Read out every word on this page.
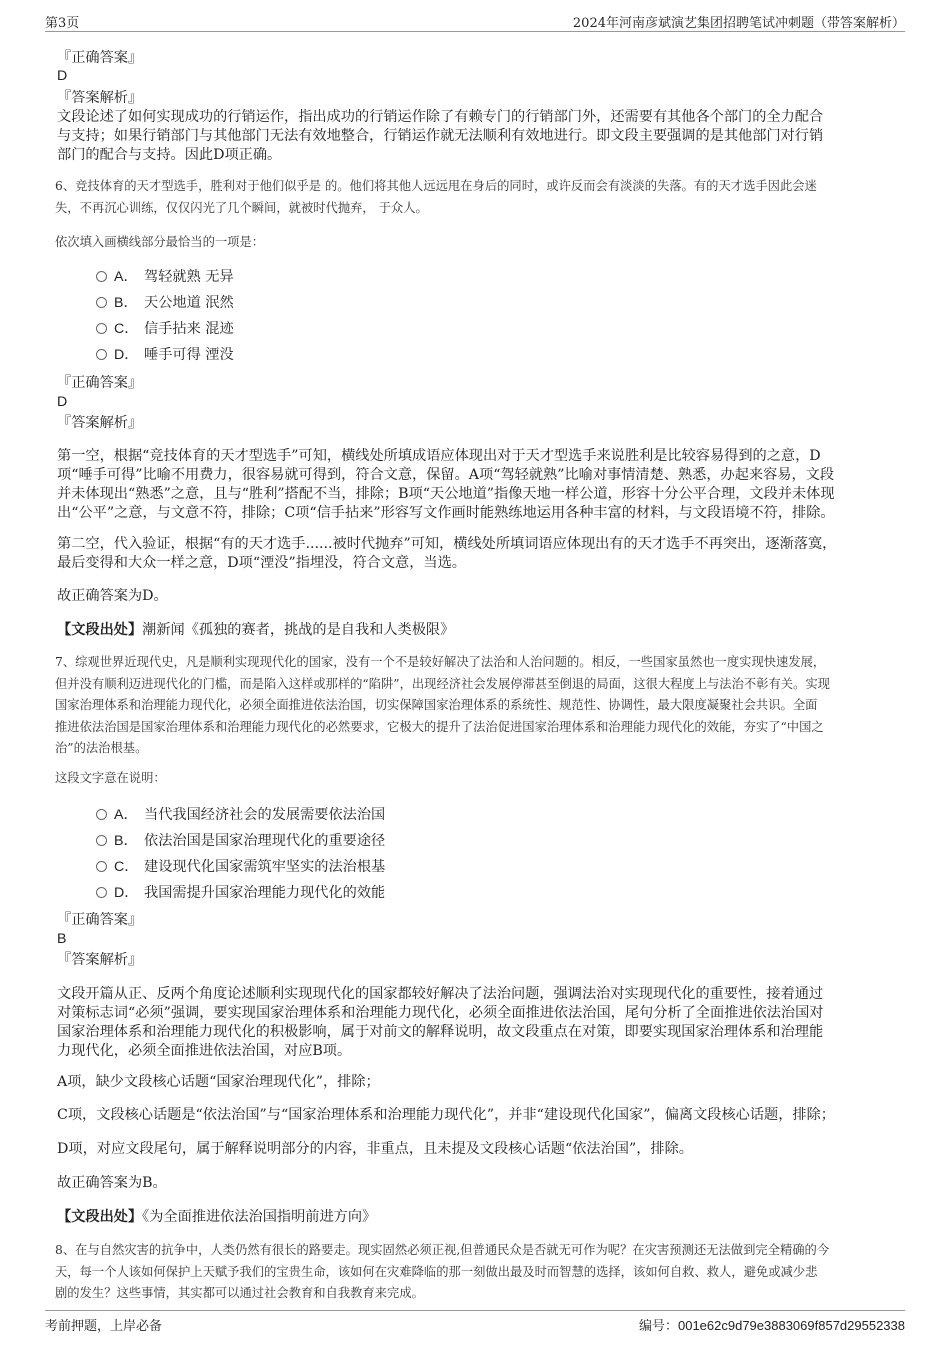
第3页	2024年河南彦斌演艺集团招聘笔试冲刺题（带答案解析）
『正确答案』
D
『答案解析』
文段论述了如何实现成功的行销运作，指出成功的行销运作除了有赖专门的行销部门外，还需要有其他各个部门的全力配合
与支持；如果行销部门与其他部门无法有效地整合，行销运作就无法顺利有效地进行。即文段主要强调的是其他部门对行销
部门的配合与支持。因此D项正确。
6、竞技体育的天才型选手，胜利对于他们似乎是 的。他们将其他人远远甩在身后的同时，或许反而会有淡淡的失落。有的天才选手因此会迷
失，不再沉心训练，仅仅闪光了几个瞬间，就被时代抛弃， 于众人。
依次填入画横线部分最恰当的一项是：
A． 驾轻就熟 无异
B． 天公地道 泯然
C． 信手拈来 混迹
D． 唾手可得 湮没
『正确答案』
D
『答案解析』
第一空，根据“竞技体育的天才型选手”可知，横线处所填成语应体现出对于天才型选手来说胜利是比较容易得到的之意，D
项“唾手可得”比喻不用费力，很容易就可得到，符合文意，保留。A项“驾轻就熟”比喻对事情清楚、熟悉，办起来容易，文段
并未体现出“熟悉”之意，且与“胜利”搭配不当，排除；B项“天公地道”指像天地一样公道，形容十分公平合理，文段并未体现
出“公平”之意，与文意不符，排除；C项“信手拈来”形容写文作画时能熟练地运用各种丰富的材料，与文段语境不符，排除。
第二空，代入验证，根据“有的天才选手......被时代抛弃”可知，横线处所填词语应体现出有的天才选手不再突出，逐渐落寞，
最后变得和大众一样之意，D项“湮没”指埋没，符合文意，当选。
故正确答案为D。
【文段出处】潮新闻《孤独的赛者，挑战的是自我和人类极限》
7、综观世界近现代史，凡是顺利实现现代化的国家，没有一个不是较好解决了法治和人治问题的。相反，一些国家虽然也一度实现快速发展，
但并没有顺利迈进现代化的门槛，而是陷入这样或那样的“陷阱”，出现经济社会发展停滞甚至倒退的局面，这很大程度上与法治不彰有关。实现
国家治理体系和治理能力现代化，必须全面推进依法治国，切实保障国家治理体系的系统性、规范性、协调性，最大限度凝聚社会共识。全面
推进依法治国是国家治理体系和治理能力现代化的必然要求，它极大的提升了法治促进国家治理体系和治理能力现代化的效能，夯实了“中国之
治”的法治根基。
这段文字意在说明：
A． 当代我国经济社会的发展需要依法治国
B． 依法治国是国家治理现代化的重要途径
C． 建设现代化国家需筑牢坚实的法治根基
D． 我国需提升国家治理能力现代化的效能
『正确答案』
B
『答案解析』
文段开篇从正、反两个角度论述顺利实现现代化的国家都较好解决了法治问题，强调法治对实现现代化的重要性，接着通过
对策标志词“必须”强调，要实现国家治理体系和治理能力现代化，必须全面推进依法治国，尾句分析了全面推进依法治国对
国家治理体系和治理能力现代化的积极影响，属于对前文的解释说明，故文段重点在对策，即要实现国家治理体系和治理能
力现代化，必须全面推进依法治国，对应B项。
A项，缺少文段核心话题“国家治理现代化”，排除；
C项，文段核心话题是“依法治国”与“国家治理体系和治理能力现代化”，并非“建设现代化国家”，偏离文段核心话题，排除；
D项，对应文段尾句，属于解释说明部分的内容，非重点，且未提及文段核心话题“依法治国”，排除。
故正确答案为B。
【文段出处】《为全面推进依法治国指明前进方向》
8、在与自然灾害的抗争中，人类仍然有很长的路要走。现实固然必须正视,但普通民众是否就无可作为呢？在灾害预测还无法做到完全精确的今
天，每一个人该如何保护上天赋予我们的宝贵生命，该如何在灾难降临的那一刻做出最及时而智慧的选择，该如何自救、救人，避免或减少悲
剧的发生？这些事情，其实都可以通过社会教育和自我教育来完成。
考前押题，上岸必备	编号：001e62c9d79e3883069f857d29552338
